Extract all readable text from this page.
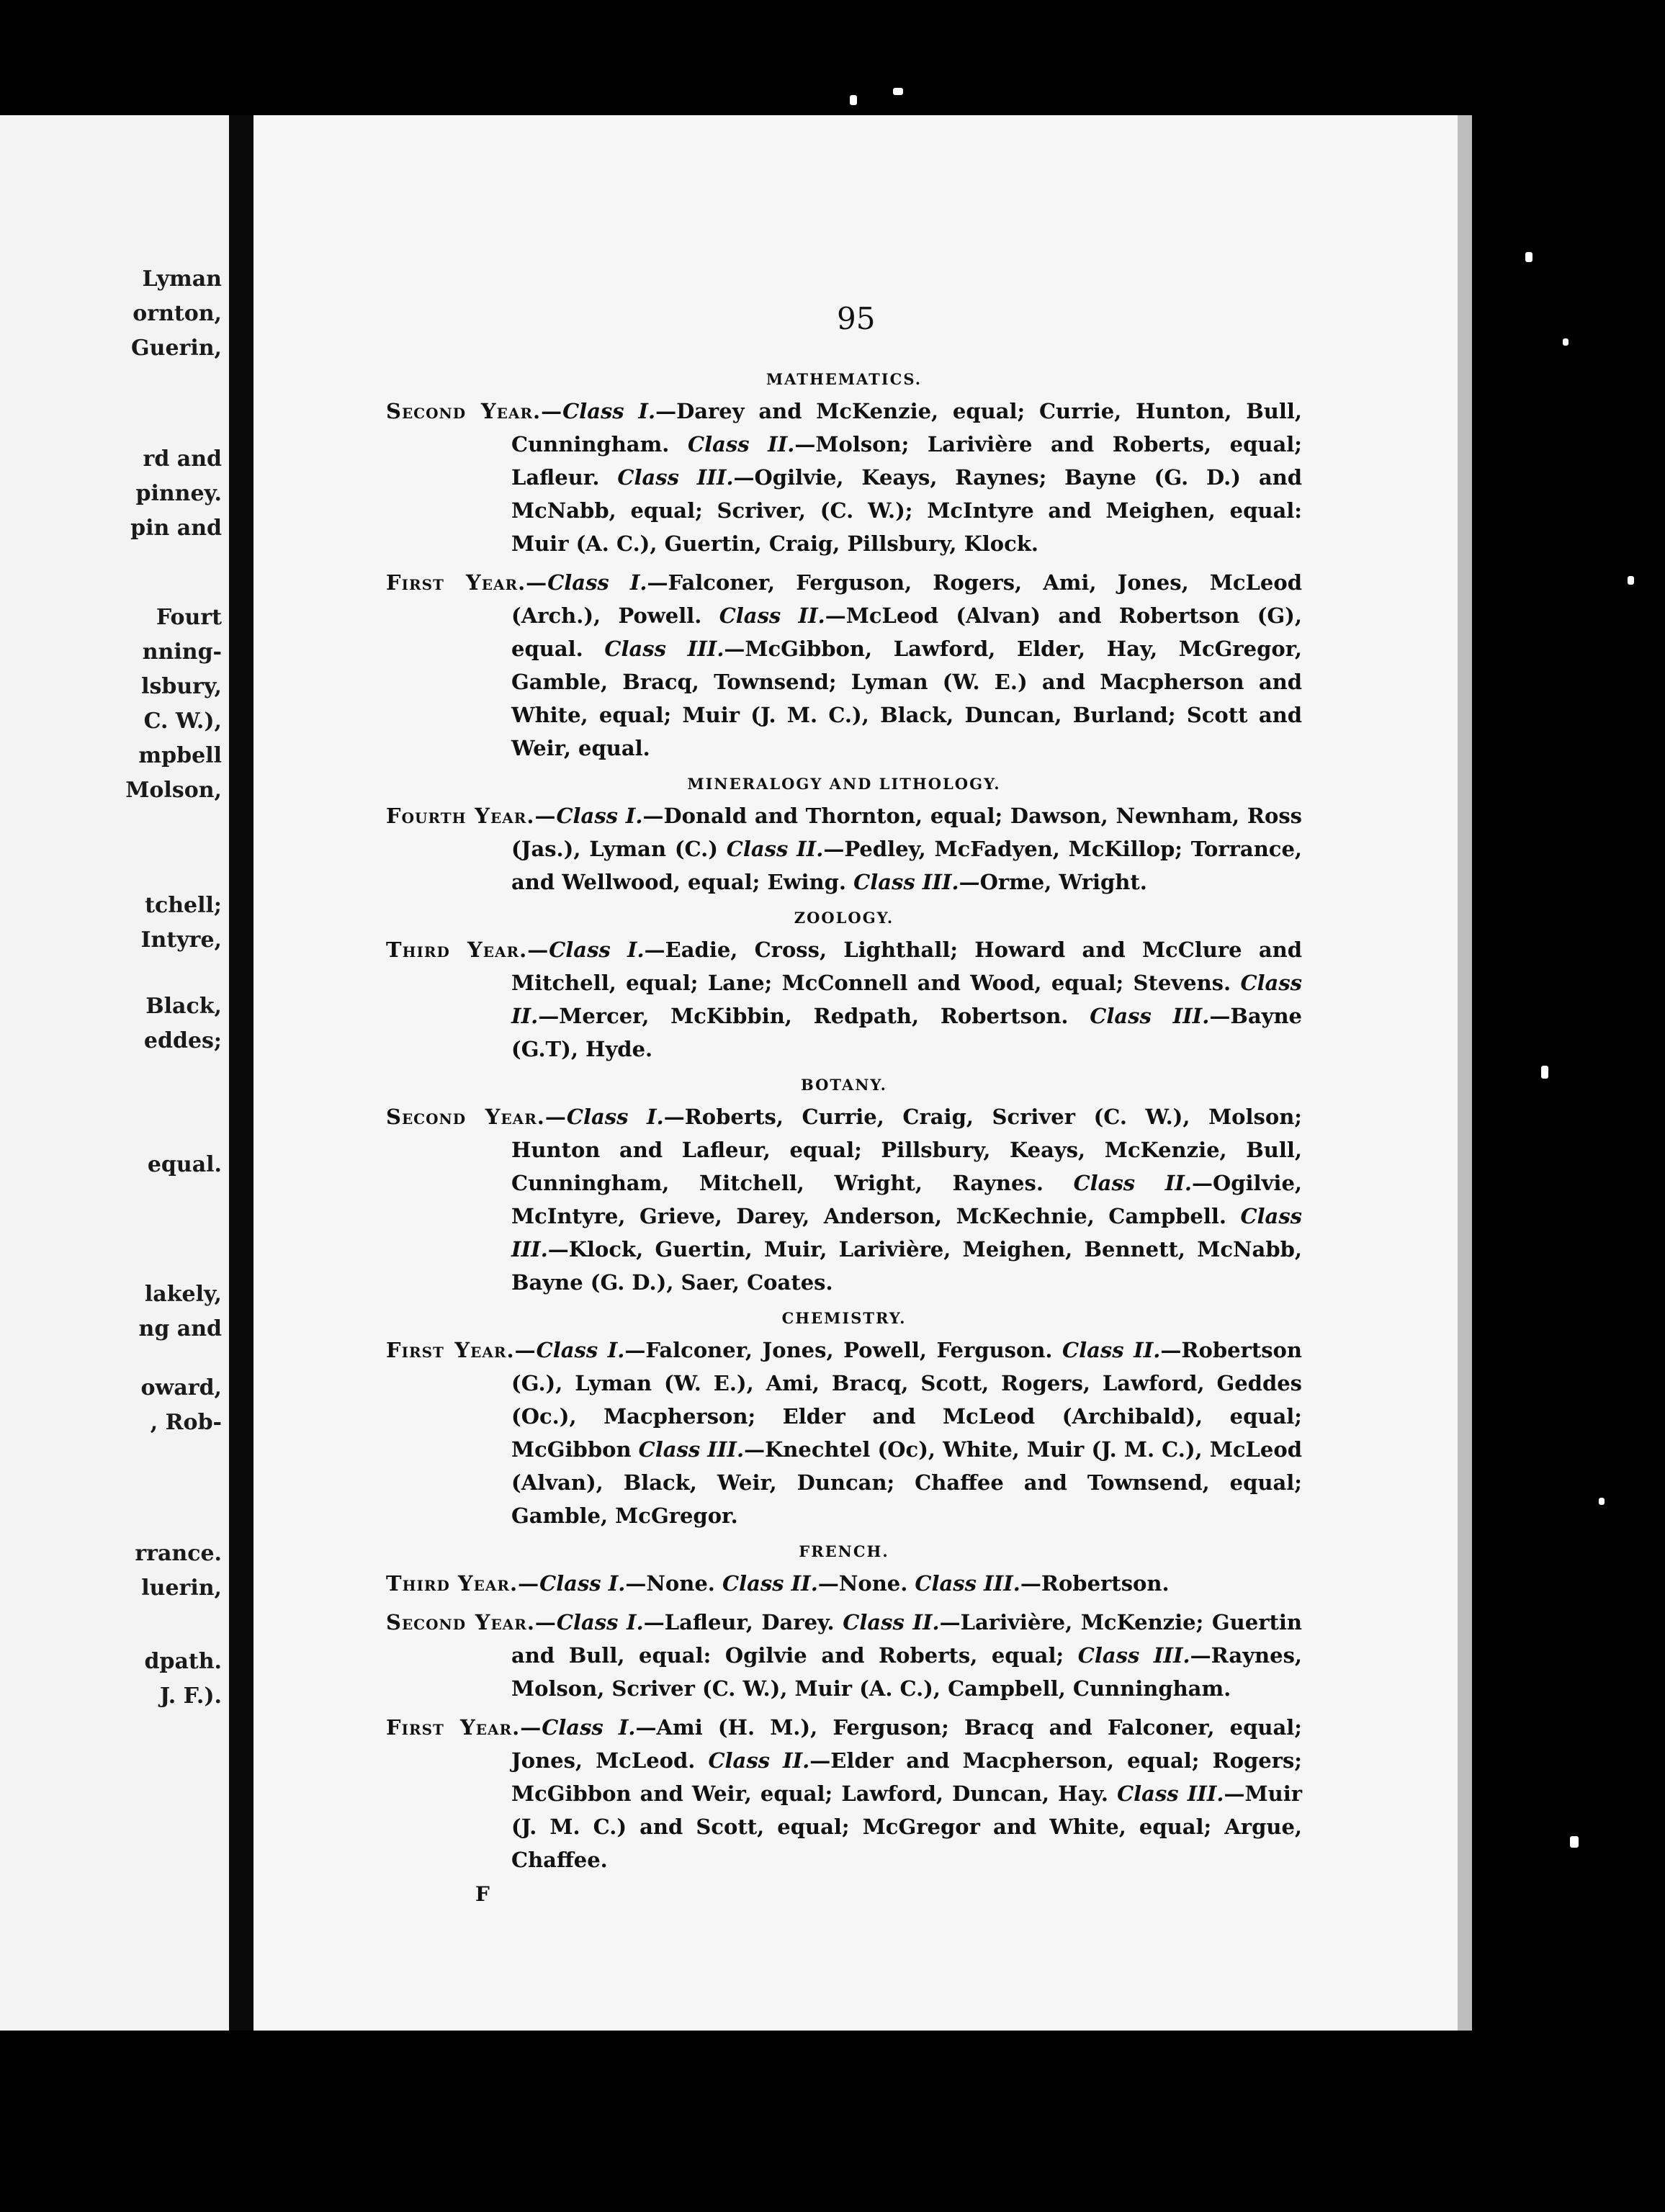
Lyman
ornton,
Guerin,
rd and
pinney.
pin and
Fourt
nning-
lsbury,
C. W.),
mpbell
Molson,
tchell;
Intyre,
Black,
eddes;
equal.
lakely,
ng and
oward,
, Rob-
rrance.
luerin,
dpath.
J. F.).
95
MATHEMATICS.
Second Year.—Class I.—Darey and McKenzie, equal; Currie, Hunton, Bull, Cunningham. Class II.—Molson; Larivière and Roberts, equal; Lafleur. Class III.—Ogilvie, Keays, Raynes; Bayne (G. D.) and McNabb, equal; Scriver, (C. W.); McIntyre and Meighen, equal: Muir (A. C.), Guertin, Craig, Pillsbury, Klock.
First Year.—Class I.—Falconer, Ferguson, Rogers, Ami, Jones, McLeod (Arch.), Powell. Class II.—McLeod (Alvan) and Robertson (G), equal. Class III.—McGibbon, Lawford, Elder, Hay, McGregor, Gamble, Bracq, Townsend; Lyman (W. E.) and Macpherson and White, equal; Muir (J. M. C.), Black, Duncan, Burland; Scott and Weir, equal.
MINERALOGY AND LITHOLOGY.
Fourth Year.—Class I.—Donald and Thornton, equal; Dawson, Newnham, Ross (Jas.), Lyman (C.) Class II.—Pedley, McFadyen, McKillop; Torrance, and Wellwood, equal; Ewing. Class III.—Orme, Wright.
ZOOLOGY.
Third Year.—Class I.—Eadie, Cross, Lighthall; Howard and McClure and Mitchell, equal; Lane; McConnell and Wood, equal; Stevens. Class II.—Mercer, McKibbin, Redpath, Robertson. Class III.—Bayne (G.T), Hyde.
BOTANY.
Second Year.—Class I.—Roberts, Currie, Craig, Scriver (C. W.), Molson; Hunton and Lafleur, equal; Pillsbury, Keays, McKenzie, Bull, Cunningham, Mitchell, Wright, Raynes. Class II.—Ogilvie, McIntyre, Grieve, Darey, Anderson, McKechnie, Campbell. Class III.—Klock, Guertin, Muir, Larivière, Meighen, Bennett, McNabb, Bayne (G. D.), Saer, Coates.
CHEMISTRY.
First Year.—Class I.—Falconer, Jones, Powell, Ferguson. Class II.—Robertson (G.), Lyman (W. E.), Ami, Bracq, Scott, Rogers, Lawford, Geddes (Oc.), Macpherson; Elder and McLeod (Archibald), equal; McGibbon Class III.—Knechtel (Oc), White, Muir (J. M. C.), McLeod (Alvan), Black, Weir, Duncan; Chaffee and Townsend, equal; Gamble, McGregor.
FRENCH.
Third Year.—Class I.—None. Class II.—None. Class III.—Robertson.
Second Year.—Class I.—Lafleur, Darey. Class II.—Larivière, McKenzie; Guertin and Bull, equal: Ogilvie and Roberts, equal; Class III.—Raynes, Molson, Scriver (C. W.), Muir (A. C.), Campbell, Cunningham.
First Year.—Class I.—Ami (H. M.), Ferguson; Bracq and Falconer, equal; Jones, McLeod. Class II.—Elder and Macpherson, equal; Rogers; McGibbon and Weir, equal; Lawford, Duncan, Hay. Class III.—Muir (J. M. C.) and Scott, equal; McGregor and White, equal; Argue, Chaffee.
F
